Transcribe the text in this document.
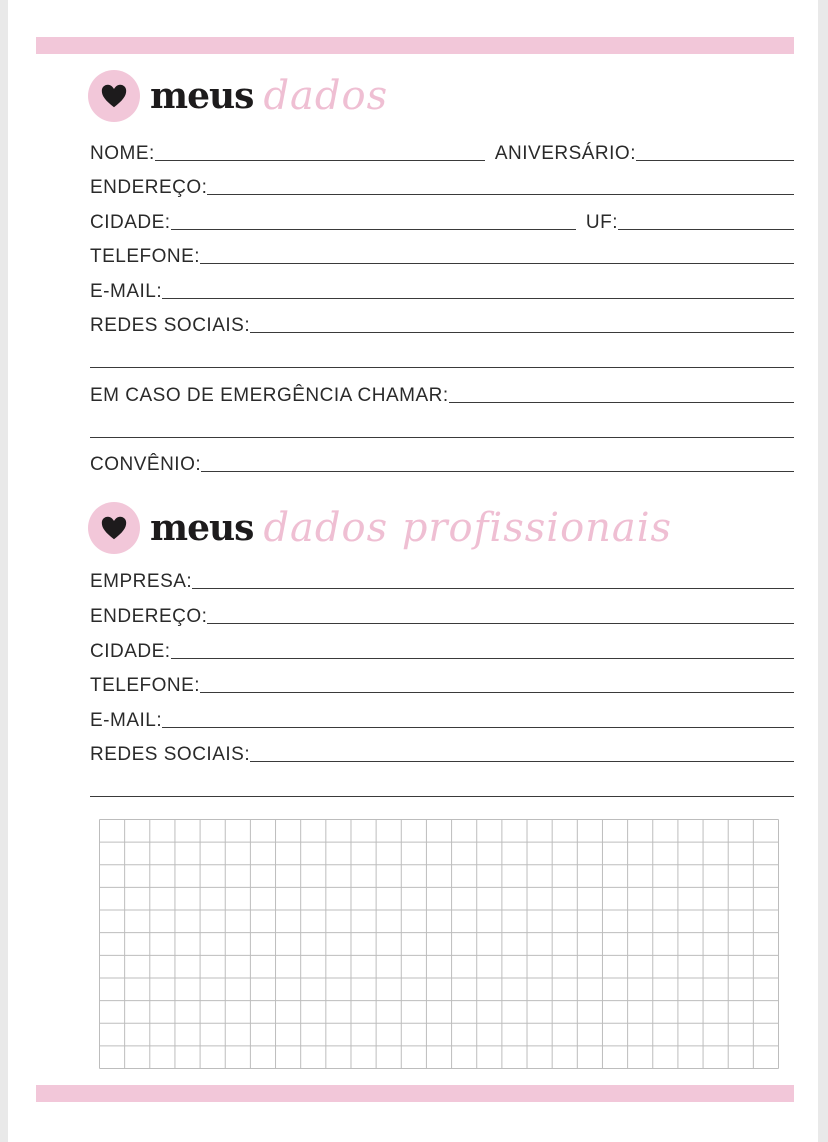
meus dados
NOME:	ANIVERSÁRIO:
ENDEREÇO:
CIDADE:	UF:
TELEFONE:
E-MAIL:
REDES SOCIAIS:
EM CASO DE EMERGÊNCIA CHAMAR:
CONVÊNIO:
meus dados profissionais
EMPRESA:
ENDEREÇO:
CIDADE:
TELEFONE:
E-MAIL:
REDES SOCIAIS:
